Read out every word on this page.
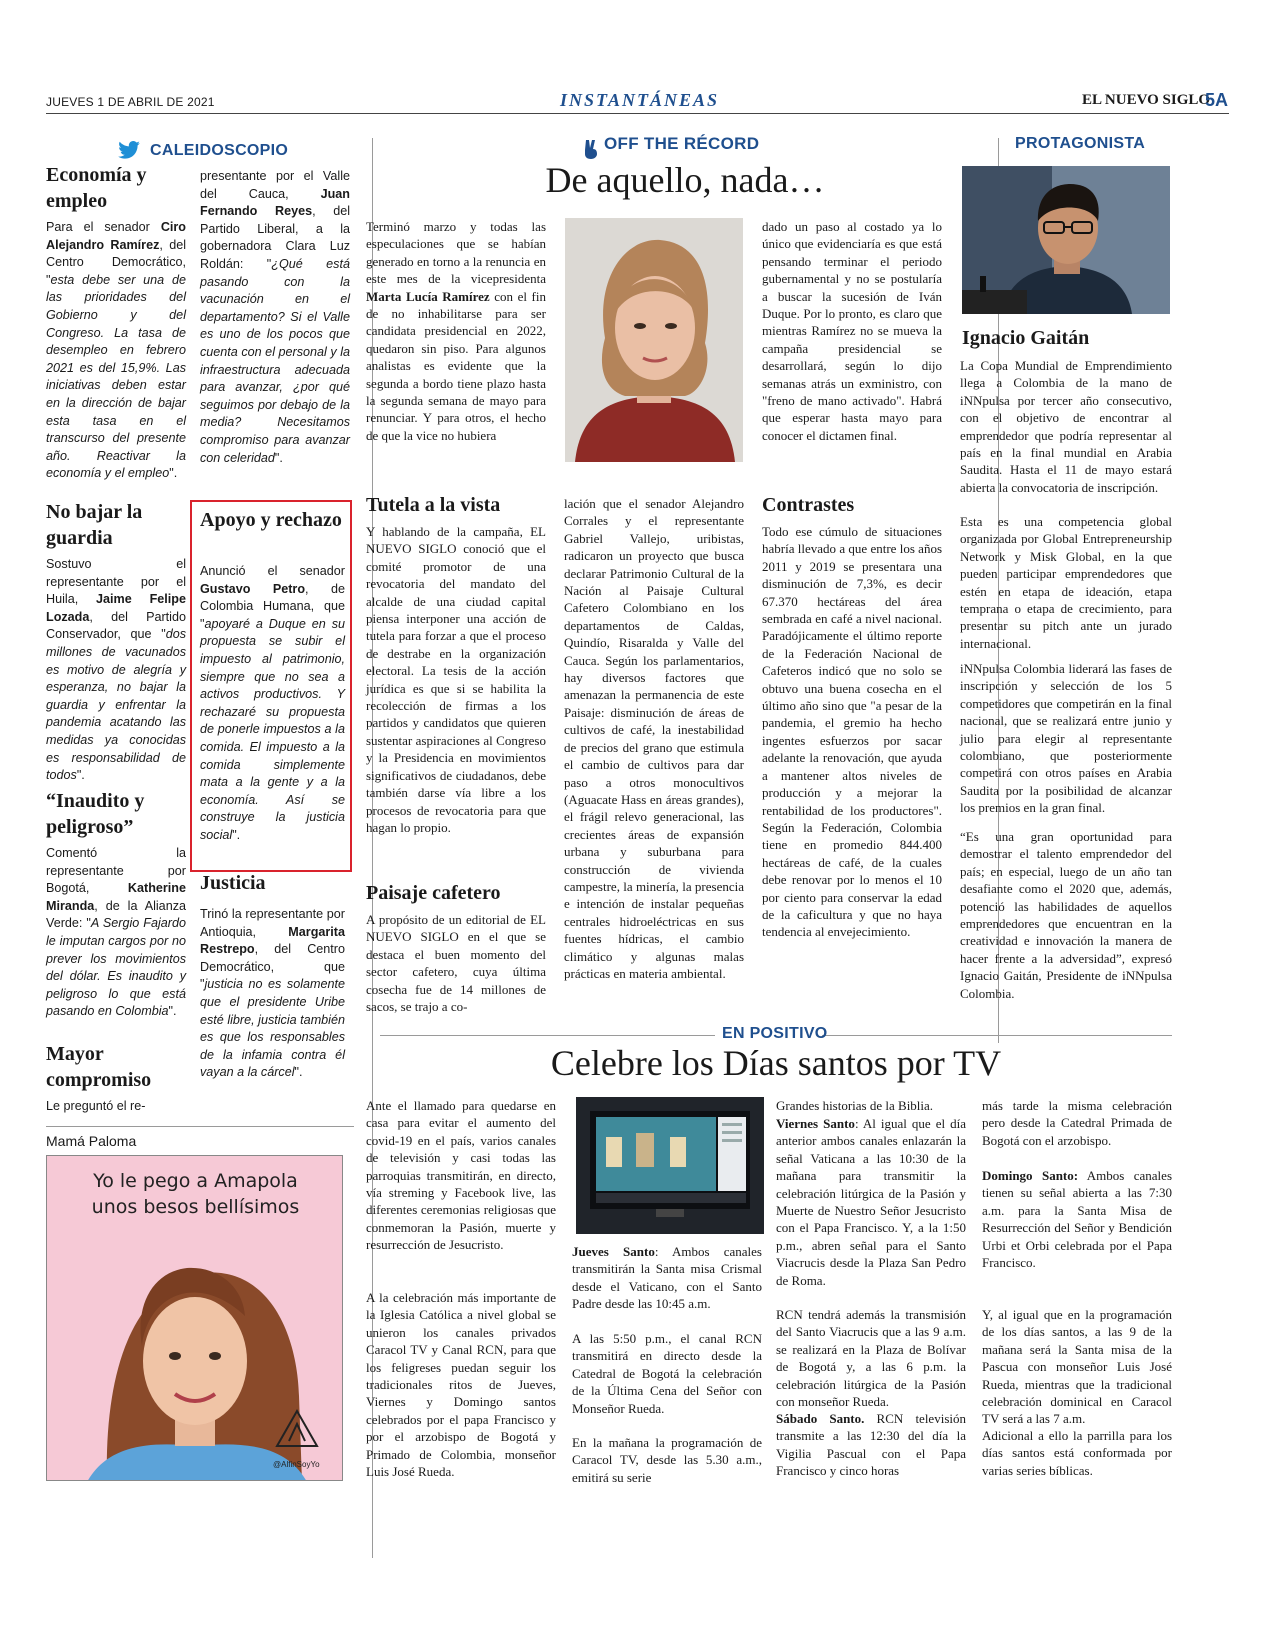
JUEVES 1 DE ABRIL DE 2021	INSTANTÁNEAS	EL NUEVO SIGLO
5A
CALEIDOSCOPIO
Economía y empleo

Para el senador Ciro Alejandro Ramírez, del Centro Democrático, "esta debe ser una de las prioridades del Gobierno y del Congreso. La tasa de desempleo en febrero 2021 es del 15,9%. Las iniciativas deben estar en la dirección de bajar esta tasa en el transcurso del presente año. Reactivar la economía y el empleo".

No bajar la guardia

Sostuvo el representante por el Huila, Jaime Felipe Lozada, del Partido Conservador, que "dos millones de vacunados es motivo de alegría y esperanza, no bajar la guardia y enfrentar la pandemia acatando las medidas ya conocidas es responsabilidad de todos".

“Inaudito y peligroso”

Comentó la representante por Bogotá, Katherine Miranda, de la Alianza Verde: "A Sergio Fajardo le imputan cargos por no prever los movimientos del dólar. Es inaudito y peligroso lo que está pasando en Colombia".

Mayor compromiso

Le preguntó el re-

presentante por el Valle del Cauca, Juan Fernando Reyes, del Partido Liberal, a la gobernadora Clara Luz Roldán: "¿Qué está pasando con la vacunación en el departamento? Si el Valle es uno de los pocos que cuenta con el personal y la infraestructura adecuada para avanzar, ¿por qué seguimos por debajo de la media? Necesitamos compromiso para avanzar con celeridad".

Apoyo y rechazo

Anunció el senador Gustavo Petro, de Colombia Humana, que "apoyaré a Duque en su propuesta se subir el impuesto al patrimonio, siempre que no sea a activos productivos. Y rechazaré su propuesta de ponerle impuestos a la comida. El impuesto a la comida simplemente mata a la gente y a la economía. Así se construye la justicia social".

Justicia

Trinó la representante por Antioquia, Margarita Restrepo, del Centro Democrático, que "justicia no es solamente que el presidente Uribe esté libre, justicia también es que los responsables de la infamia contra él vayan a la cárcel".

Mamá Paloma
Yo le pego a Amapola
unos besos bellísimos
@AlfinSoyYo
OFF THE RÉCORD
De aquello, nada…

Terminó marzo y todas las especulaciones que se habían generado en torno a la renuncia en este mes de la vicepresidenta Marta Lucía Ramírez con el fin de no inhabilitarse para ser candidata presidencial en 2022, quedaron sin piso. Para algunos analistas es evidente que la segunda a bordo tiene plazo hasta la segunda semana de mayo para renunciar. Y para otros, el hecho de que la vice no hubiera

dado un paso al costado ya lo único que evidenciaría es que está pensando terminar el periodo gubernamental y no se postularía a buscar la sucesión de Iván Duque. Por lo pronto, es claro que mientras Ramírez no se mueva la campaña presidencial se desarrollará, según lo dijo semanas atrás un exministro, con "freno de mano activado". Habrá que esperar hasta mayo para conocer el dictamen final.

Tutela a la vista

Y hablando de la campaña, EL NUEVO SIGLO conoció que el comité promotor de una revocatoria del mandato del alcalde de una ciudad capital piensa interponer una acción de tutela para forzar a que el proceso de destrabe en la organización electoral. La tesis de la acción jurídica es que si se habilita la recolección de firmas a los partidos y candidatos que quieren sustentar aspiraciones al Congreso y la Presidencia en movimientos significativos de ciudadanos, debe también darse vía libre a los procesos de revocatoria para que hagan lo propio.

Paisaje cafetero

A propósito de un editorial de EL NUEVO SIGLO en el que se destaca el buen momento del sector cafetero, cuya última cosecha fue de 14 millones de sacos, se trajo a co-

lación que el senador Alejandro Corrales y el representante Gabriel Vallejo, uribistas, radicaron un proyecto que busca declarar Patrimonio Cultural de la Nación al Paisaje Cultural Cafetero Colombiano en los departamentos de Caldas, Quindío, Risaralda y Valle del Cauca. Según los parlamentarios, hay diversos factores que amenazan la permanencia de este Paisaje: disminución de áreas de cultivos de café, la inestabilidad de precios del grano que estimula el cambio de cultivos para dar paso a otros monocultivos (Aguacate Hass en áreas grandes), el frágil relevo generacional, las crecientes áreas de expansión urbana y suburbana para construcción de vivienda campestre, la minería, la presencia e intención de instalar pequeñas centrales hidroeléctricas en sus fuentes hídricas, el cambio climático y algunas malas prácticas en materia ambiental.

Contrastes

Todo ese cúmulo de situaciones habría llevado a que entre los años 2011 y 2019 se presentara una disminución de 7,3%, es decir 67.370 hectáreas del área sembrada en café a nivel nacional. Paradójicamente el último reporte de la Federación Nacional de Cafeteros indicó que no solo se obtuvo una buena cosecha en el último año sino que "a pesar de la pandemia, el gremio ha hecho ingentes esfuerzos por sacar adelante la renovación, que ayuda a mantener altos niveles de producción y a mejorar la rentabilidad de los productores". Según la Federación, Colombia tiene en promedio 844.400 hectáreas de café, de la cuales debe renovar por lo menos el 10 por ciento para conservar la edad de la caficultura y que no haya tendencia al envejecimiento.

PROTAGONISTA
Ignacio Gaitán

La Copa Mundial de Emprendimiento llega a Colombia de la mano de iNNpulsa por tercer año consecutivo, con el objetivo de encontrar al emprendedor que podría representar al país en la final mundial en Arabia Saudita. Hasta el 11 de mayo estará abierta la convocatoria de inscripción.

Esta es una competencia global organizada por Global Entrepreneurship Network y Misk Global, en la que pueden participar emprendedores que estén en etapa de ideación, etapa temprana o etapa de crecimiento, para presentar su pitch ante un jurado internacional.

iNNpulsa Colombia liderará las fases de inscripción y selección de los 5 competidores que competirán en la final nacional, que se realizará entre junio y julio para elegir al representante colombiano, que posteriormente competirá con otros países en Arabia Saudita por la posibilidad de alcanzar los premios en la gran final.

“Es una gran oportunidad para demostrar el talento emprendedor del país; en especial, luego de un año tan desafiante como el 2020 que, además, potenció las habilidades de aquellos emprendedores que encuentran en la creatividad e innovación la manera de hacer frente a la adversidad”, expresó Ignacio Gaitán, Presidente de iNNpulsa Colombia.

EN POSITIVO
Celebre los Días santos por TV

Ante el llamado para quedarse en casa para evitar el aumento del covid-19 en el país, varios canales de televisión y casi todas las parroquias transmitirán, en directo, vía streming y Facebook live, las diferentes ceremonias religiosas que conmemoran la Pasión, muerte y resurrección de Jesucristo.

A la celebración más importante de la Iglesia Católica a nivel global se unieron los canales privados Caracol TV y Canal RCN, para que los feligreses puedan seguir los tradicionales ritos de Jueves, Viernes y Domingo santos celebrados por el papa Francisco y por el arzobispo de Bogotá y Primado de Colombia, monseñor Luis José Rueda.

Jueves Santo: Ambos canales transmitirán la Santa misa Crismal desde el Vaticano, con el Santo Padre desde las 10:45 a.m.

A las 5:50 p.m., el canal RCN transmitirá en directo desde la Catedral de Bogotá la celebración de la Última Cena del Señor con Monseñor Rueda.

En la mañana la programación de Caracol TV, desde las 5.30 a.m., emitirá su serie

Grandes historias de la Biblia.

Viernes Santo: Al igual que el día anterior ambos canales enlazarán la señal Vaticana a las 10:30 de la mañana para transmitir la celebración litúrgica de la Pasión y Muerte de Nuestro Señor Jesucristo con el Papa Francisco. Y, a la 1:50 p.m., abren señal para el Santo Viacrucis desde la Plaza San Pedro de Roma.

RCN tendrá además la transmisión del Santo Viacrucis que a las 9 a.m. se realizará en la Plaza de Bolívar de Bogotá y, a las 6 p.m. la celebración litúrgica de la Pasión con monseñor Rueda.

Sábado Santo. RCN televisión transmite a las 12:30 del día la Vigilia Pascual con el Papa Francisco y cinco horas

más tarde la misma celebración pero desde la Catedral Primada de Bogotá con el arzobispo.

Domingo Santo: Ambos canales tienen su señal abierta a las 7:30 a.m. para la Santa Misa de Resurrección del Señor y Bendición Urbi et Orbi celebrada por el Papa Francisco.

Y, al igual que en la programación de los días santos, a las 9 de la mañana será la Santa misa de la Pascua con monseñor Luis José Rueda, mientras que la tradicional celebración dominical en Caracol TV será a las 7 a.m.

Adicional a ello la parrilla para los días santos está conformada por varias series bíblicas.
